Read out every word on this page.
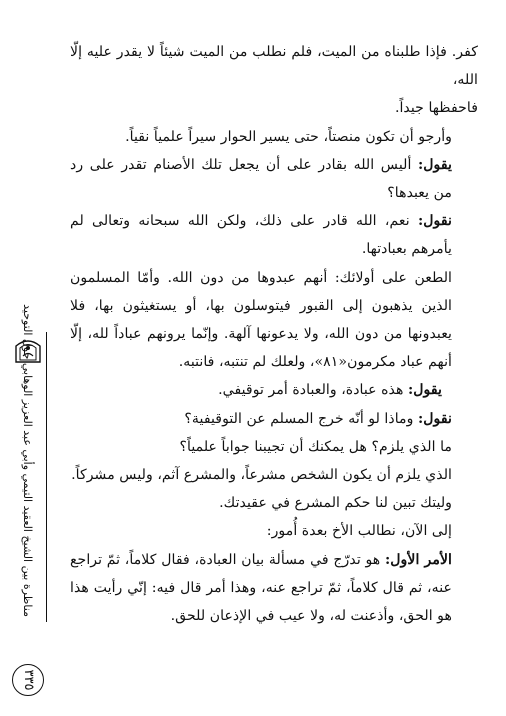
كفر. فإذا طلبناه من الميت، فلم نطلب من الميت شيئاً لا يقدر عليه إلّا الله،
فاحفظها جيداً.

وأرجو أن تكون منصتاً، حتى يسير الحوار سيراً علمياً نقياً.

يقول: أليس الله بقادر على أن يجعل تلك الأصنام تقدر على رد من يعبدها؟

نقول: نعم، الله قادر على ذلك، ولكن الله سبحانه وتعالى لم يأمرهم بعبادتها.

الطعن على أولائك: أنهم عبدوها من دون الله. وأمّا المسلمون الذين يذهبون إلى القبور فيتوسلون بها، أو يستغيثون بها، فلا يعبدونها من دون الله، ولا يدعونها آلهة. وإنّما يرونهم عباداً لله، إلّا أنهم عباد مكرمون«٨١»، ولعلك لم تنتبه، فانتبه.

يقول: هذه عبادة، والعبادة أمر توقيفي.

نقول: وماذا لو أنّه خرج المسلم عن التوقيفية؟

ما الذي يلزم؟ هل يمكنك أن تجيبنا جواباً علمياً؟

الذي يلزم أن يكون الشخص مشرعاً، والمشرع آثم، وليس مشركاً.

وليتك تبين لنا حكم المشرع في عقيدتك.

إلى الآن، نطالب الأخ بعدة أُمور:

الأمر الأول: هو تدرّج في مسألة بيان العبادة، فقال كلاماً، ثمّ تراجع عنه، ثم قال كلاماً، ثمّ تراجع عنه، وهذا أمر قال فيه: إنّي رأيت هذا هو الحق، وأذعنت له، ولا عيب في الإذعان للحق.

مناظرة بين الشيخ العقيد التيمي وأبي عبد العزيز الوهابي حول التوحيد
٣٣٥
